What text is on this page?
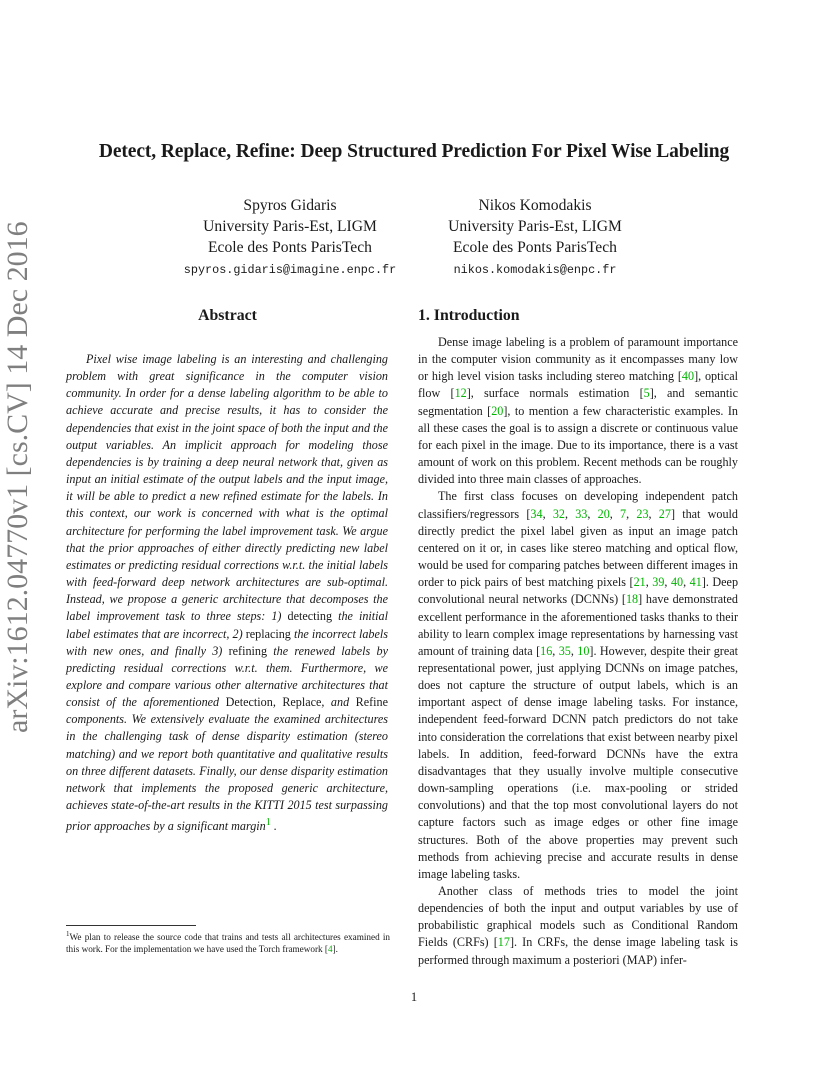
Detect, Replace, Refine: Deep Structured Prediction For Pixel Wise Labeling
Spyros Gidaris
University Paris-Est, LIGM
Ecole des Ponts ParisTech
spyros.gidaris@imagine.enpc.fr
Nikos Komodakis
University Paris-Est, LIGM
Ecole des Ponts ParisTech
nikos.komodakis@enpc.fr
arXiv:1612.04770v1 [cs.CV] 14 Dec 2016	Abstract

Pixel wise image labeling is an interesting and challenging problem with great significance in the computer vision community. In order for a dense labeling algorithm to be able to achieve accurate and precise results, it has to consider the dependencies that exist in the joint space of both the input and the output variables. An implicit approach for modeling those dependencies is by training a deep neural network that, given as input an initial estimate of the output labels and the input image, it will be able to predict a new refined estimate for the labels. In this context, our work is concerned with what is the optimal architecture for performing the label improvement task. We argue that the prior approaches of either directly predicting new label estimates or predicting residual corrections w.r.t. the initial labels with feed-forward deep network architectures are sub-optimal. Instead, we propose a generic architecture that decomposes the label improvement task to three steps: 1) detecting the initial label estimates that are incorrect, 2) replacing the incorrect labels with new ones, and finally 3) refining the renewed labels by predicting residual corrections w.r.t. them. Furthermore, we explore and compare various other alternative architectures that consist of the aforementioned Detection, Replace, and Refine components. We extensively evaluate the examined architectures in the challenging task of dense disparity estimation (stereo matching) and we report both quantitative and qualitative results on three different datasets. Finally, our dense disparity estimation network that implements the proposed generic architecture, achieves state-of-the-art results in the KITTI 2015 test surpassing prior approaches by a significant margin$^1$ .

$^1$We plan to release the source code that trains and tests all architectures examined in this work. For the implementation we have used the Torch framework [4].
1. Introduction

Dense image labeling is a problem of paramount importance in the computer vision community as it encompasses many low or high level vision tasks including stereo matching [40], optical flow [12], surface normals estimation [5], and semantic segmentation [20], to mention a few characteristic examples. In all these cases the goal is to assign a discrete or continuous value for each pixel in the image. Due to its importance, there is a vast amount of work on this problem. Recent methods can be roughly divided into three main classes of approaches.

The first class focuses on developing independent patch classifiers/regressors [34, 32, 33, 20, 7, 23, 27] that would directly predict the pixel label given as input an image patch centered on it or, in cases like stereo matching and optical flow, would be used for comparing patches between different images in order to pick pairs of best matching pixels [21, 39, 40, 41]. Deep convolutional neural networks (DCNNs) [18] have demonstrated excellent performance in the aforementioned tasks thanks to their ability to learn complex image representations by harnessing vast amount of training data [16, 35, 10]. However, despite their great representational power, just applying DCNNs on image patches, does not capture the structure of output labels, which is an important aspect of dense image labeling tasks. For instance, independent feed-forward DCNN patch predictors do not take into consideration the correlations that exist between nearby pixel labels. In addition, feed-forward DCNNs have the extra disadvantages that they usually involve multiple consecutive down-sampling operations (i.e. max-pooling or strided convolutions) and that the top most convolutional layers do not capture factors such as image edges or other fine image structures. Both of the above properties may prevent such methods from achieving precise and accurate results in dense image labeling tasks.

Another class of methods tries to model the joint dependencies of both the input and output variables by use of probabilistic graphical models such as Conditional Random Fields (CRFs) [17]. In CRFs, the dense image labeling task is performed through maximum a posteriori (MAP) infer-

1
